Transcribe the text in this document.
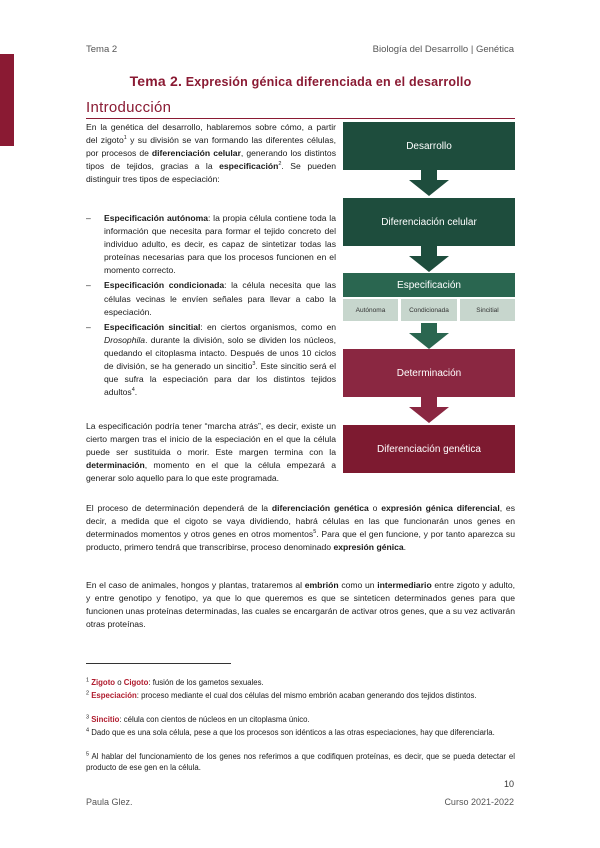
Tema 2	Biología del Desarrollo | Genética
Tema 2. Expresión génica diferenciada en el desarrollo
Introducción
En la genética del desarrollo, hablaremos sobre cómo, a partir del zigoto$^1$ y su división se van formando las diferentes células, por procesos de diferenciación celular, generando los distintos tipos de tejidos, gracias a la especificación$^2$. Se pueden distinguir tres tipos de especiación:
– Especificación autónoma: la propia célula contiene toda la información que necesita para formar el tejido concreto del individuo adulto, es decir, es capaz de sintetizar todas las proteínas necesarias para que los procesos funcionen en el momento correcto.
– Especificación condicionada: la célula necesita que las células vecinas le envíen señales para llevar a cabo la especiación.
– Especificación sincitial: en ciertos organismos, como en Drosophila. durante la división, solo se dividen los núcleos, quedando el citoplasma intacto. Después de unos 10 ciclos de división, se ha generado un sincitio$^3$. Este sincitio será el que sufra la especiación para dar los distintos tejidos adultos$^4$.
La especificación podría tener “marcha atrás”, es decir, existe un cierto margen tras el inicio de la especiación en el que la célula puede ser sustituida o morir. Este margen termina con la determinación, momento en el que la célula empezará a generar solo aquello para lo que este programada.
Desarrollo
Diferenciación celular
Especificación
Autónoma	Condicionada	Sincitial
Determinación
Diferenciación genética
El proceso de determinación dependerá de la diferenciación genética o expresión génica diferencial, es decir, a medida que el cigoto se vaya dividiendo, habrá células en las que funcionarán unos genes en determinados momentos y otros genes en otros momentos$^5$. Para que el gen funcione, y por tanto aparezca su producto, primero tendrá que transcribirse, proceso denominado expresión génica.
En el caso de animales, hongos y plantas, trataremos al embrión como un intermediario entre zigoto y adulto, y entre genotipo y fenotipo, ya que lo que queremos es que se sinteticen determinados genes para que funcionen unas proteínas determinadas, las cuales se encargarán de activar otros genes, que a su vez activarán otras proteínas.
$^1$ Zigoto o Cigoto: fusión de los gametos sexuales.
$^2$ Especiación: proceso mediante el cual dos células del mismo embrión acaban generando dos tejidos distintos.
$^3$ Sincitio: célula con cientos de núcleos en un citoplasma único.
$^4$ Dado que es una sola célula, pese a que los procesos son idénticos a las otras especiaciones, hay que diferenciarla.
$^5$ Al hablar del funcionamiento de los genes nos referimos a que codifiquen proteínas, es decir, que se pueda detectar el producto de ese gen en la célula.
10
Paula Glez.	Curso 2021-2022
